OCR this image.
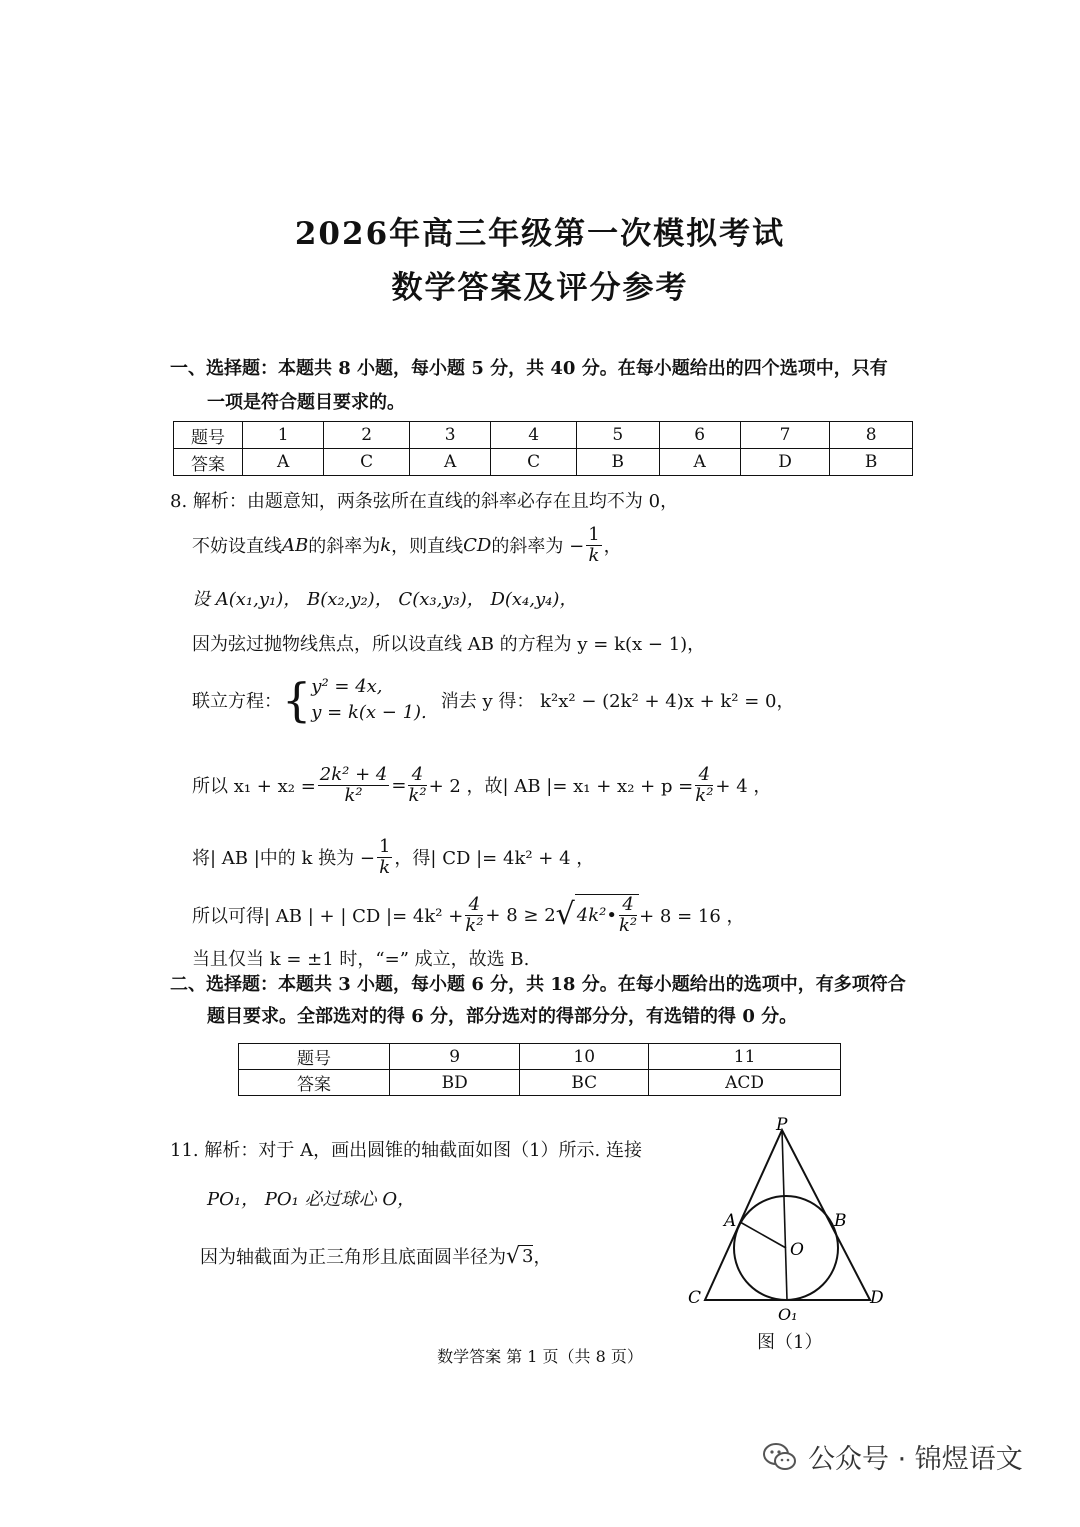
2026年高三年级第一次模拟考试
数学答案及评分参考
一、选择题：本题共 8 小题，每小题 5 分，共 40 分。在每小题给出的四个选项中，只有
一项是符合题目要求的。
题号	1	2	3	4	5	6	7	8
答案	A	C	A	C	B	A	D	B
8. 解析：由题意知，两条弦所在直线的斜率必存在且均不为 0，
不妨设直线 AB 的斜率为 k ，则直线 CD 的斜率为 − $\frac{1}{k}$ ，
设 A(x₁,y₁)， B(x₂,y₂)， C(x₃,y₃)， D(x₄,y₄)，
因为弦过抛物线焦点，所以设直线 AB 的方程为 y = k(x − 1)，
联立方程： { y² = 4x,
y = k(x − 1).
消去 y 得： k²x² − (2k² + 4)x + k² = 0，
所以 $x_1 + x_2 = \frac{\text{2k² + 4}}{\text{k²}} = \frac{4}{\text{k²}} + 2$ ，故| AB |= $x_1 + x_2 + p = \frac{4}{\text{k²}} + 4$ ，
将| AB |中的 k 换为 − $\frac{1}{k}$ ，得| CD |= 4k² + 4 ，
所以可得| AB | + | CD |= $4k^2 + \frac{4}{\text{k²}} + 8 \ge 2$ √ 4k²• $\frac{4}{\text{k²}} + 8 = 16$ ，
当且仅当 k = ±1 时，“=” 成立，故选 B.
二、选择题：本题共 3 小题，每小题 6 分，共 18 分。在每小题给出的选项中，有多项符合
题目要求。全部选对的得 6 分，部分选对的得部分分，有选错的得 0 分。
题号	9	10	11
答案	BD	BC	ACD
11. 解析：对于 A，画出圆锥的轴截面如图（1）所示. 连接
PO₁， PO₁ 必过球心 O，
因为轴截面为正三角形且底面圆半径为 √ 3 ，
P
A	B
O
C	D
O₁
图（1）
数学答案 第 1 页（共 8 页）
公众号 · 锦煜语文
